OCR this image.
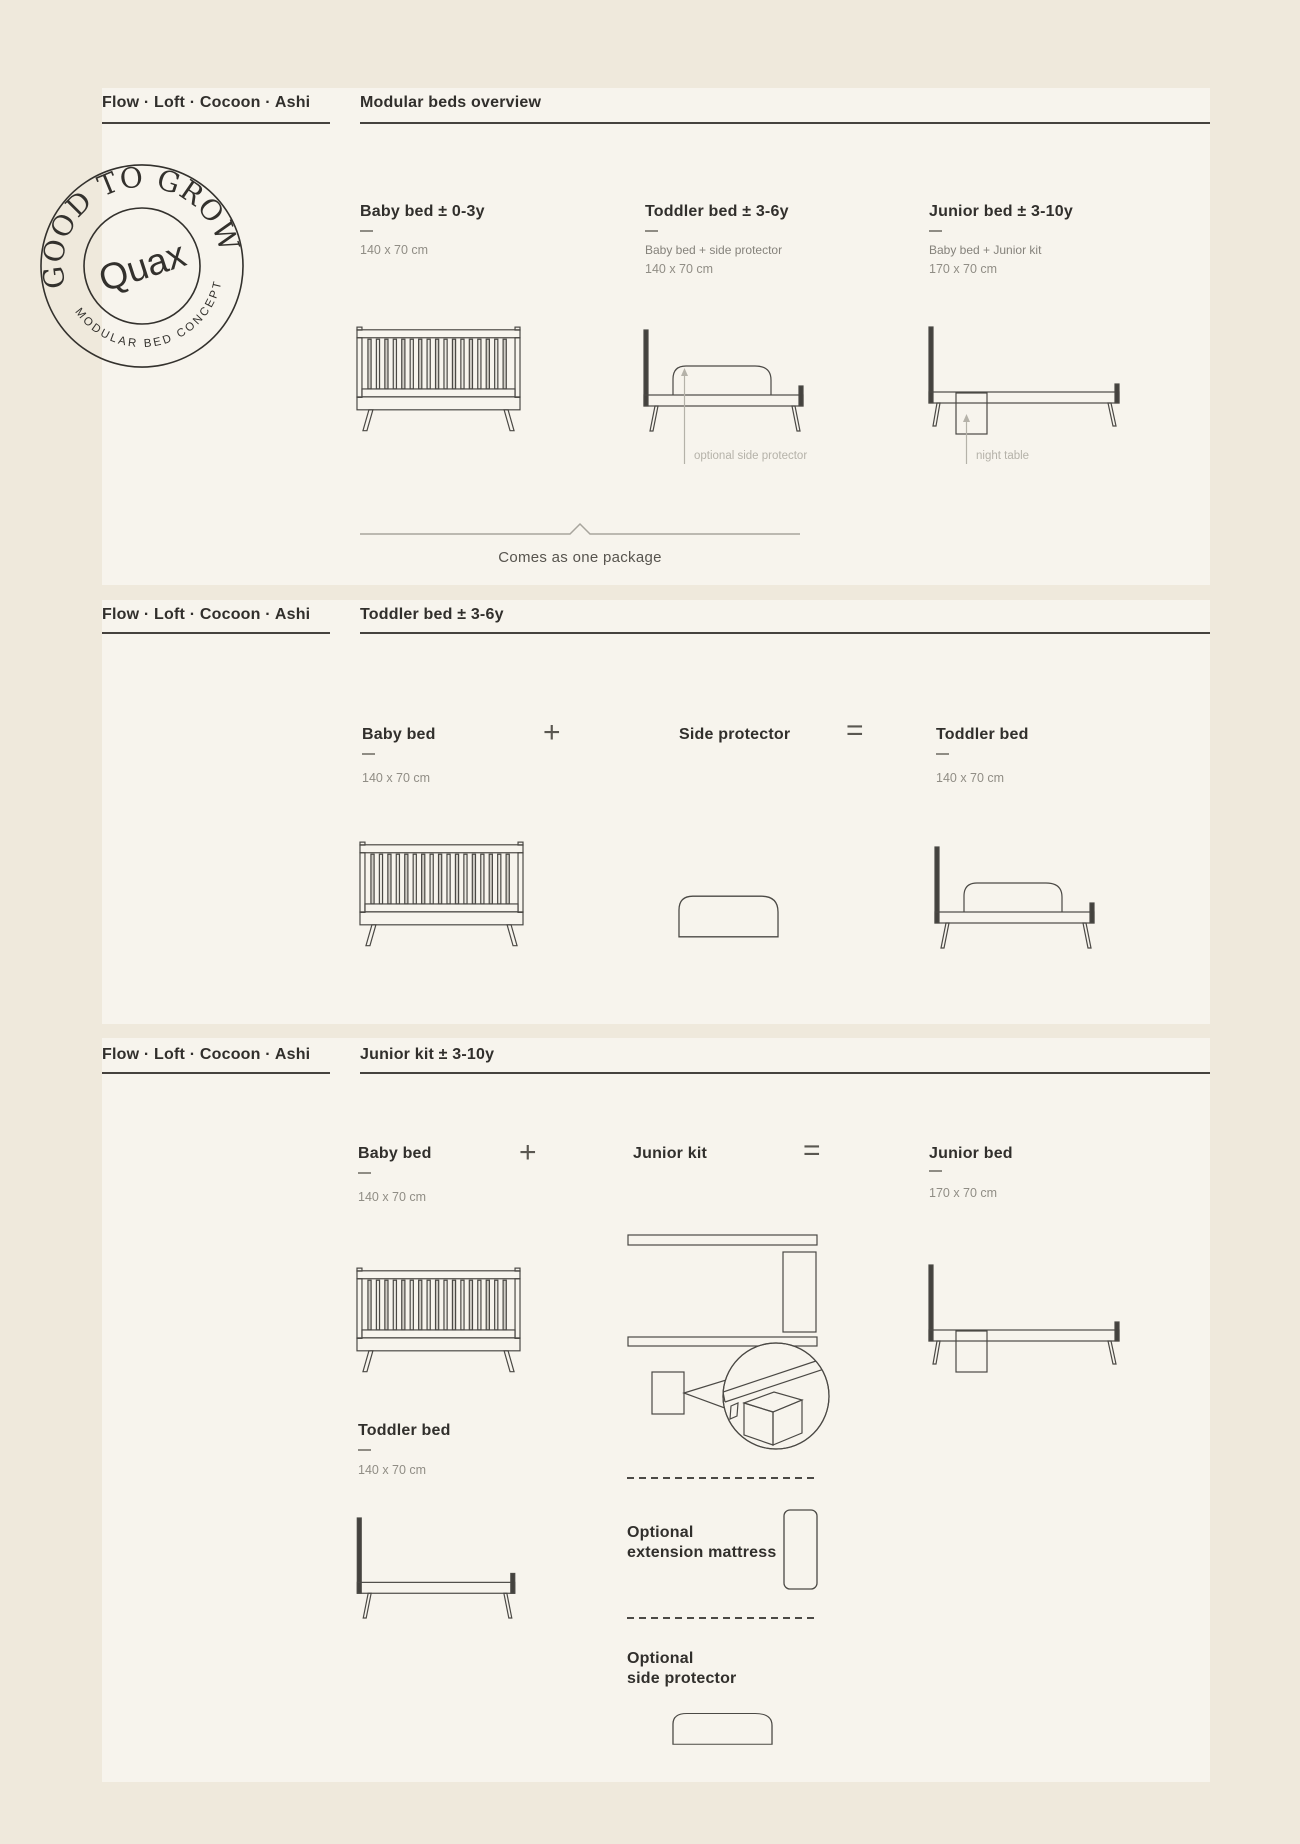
Flow · Loft · Cocoon · Ashi	Modular beds overview
GOOD TO GROW
MODULAR BED CONCEPT
Quax
Baby bed ± 0-3y
140 x 70 cm
Toddler bed ± 3-6y
Baby bed + side protector
140 x 70 cm
optional side protector
Junior bed ± 3-10y
Baby bed + Junior kit
170 x 70 cm
night table
Comes as one package
Flow · Loft · Cocoon · Ashi	Toddler bed ± 3-6y
Baby bed
140 x 70 cm
+	Side protector =	Toddler bed
140 x 70 cm
Flow · Loft · Cocoon · Ashi	Junior kit ± 3-10y
Baby bed
140 x 70 cm
+	Junior kit	=	Junior bed
170 x 70 cm
Toddler bed
140 x 70 cm
Optional
extension mattress
Optional
side protector
